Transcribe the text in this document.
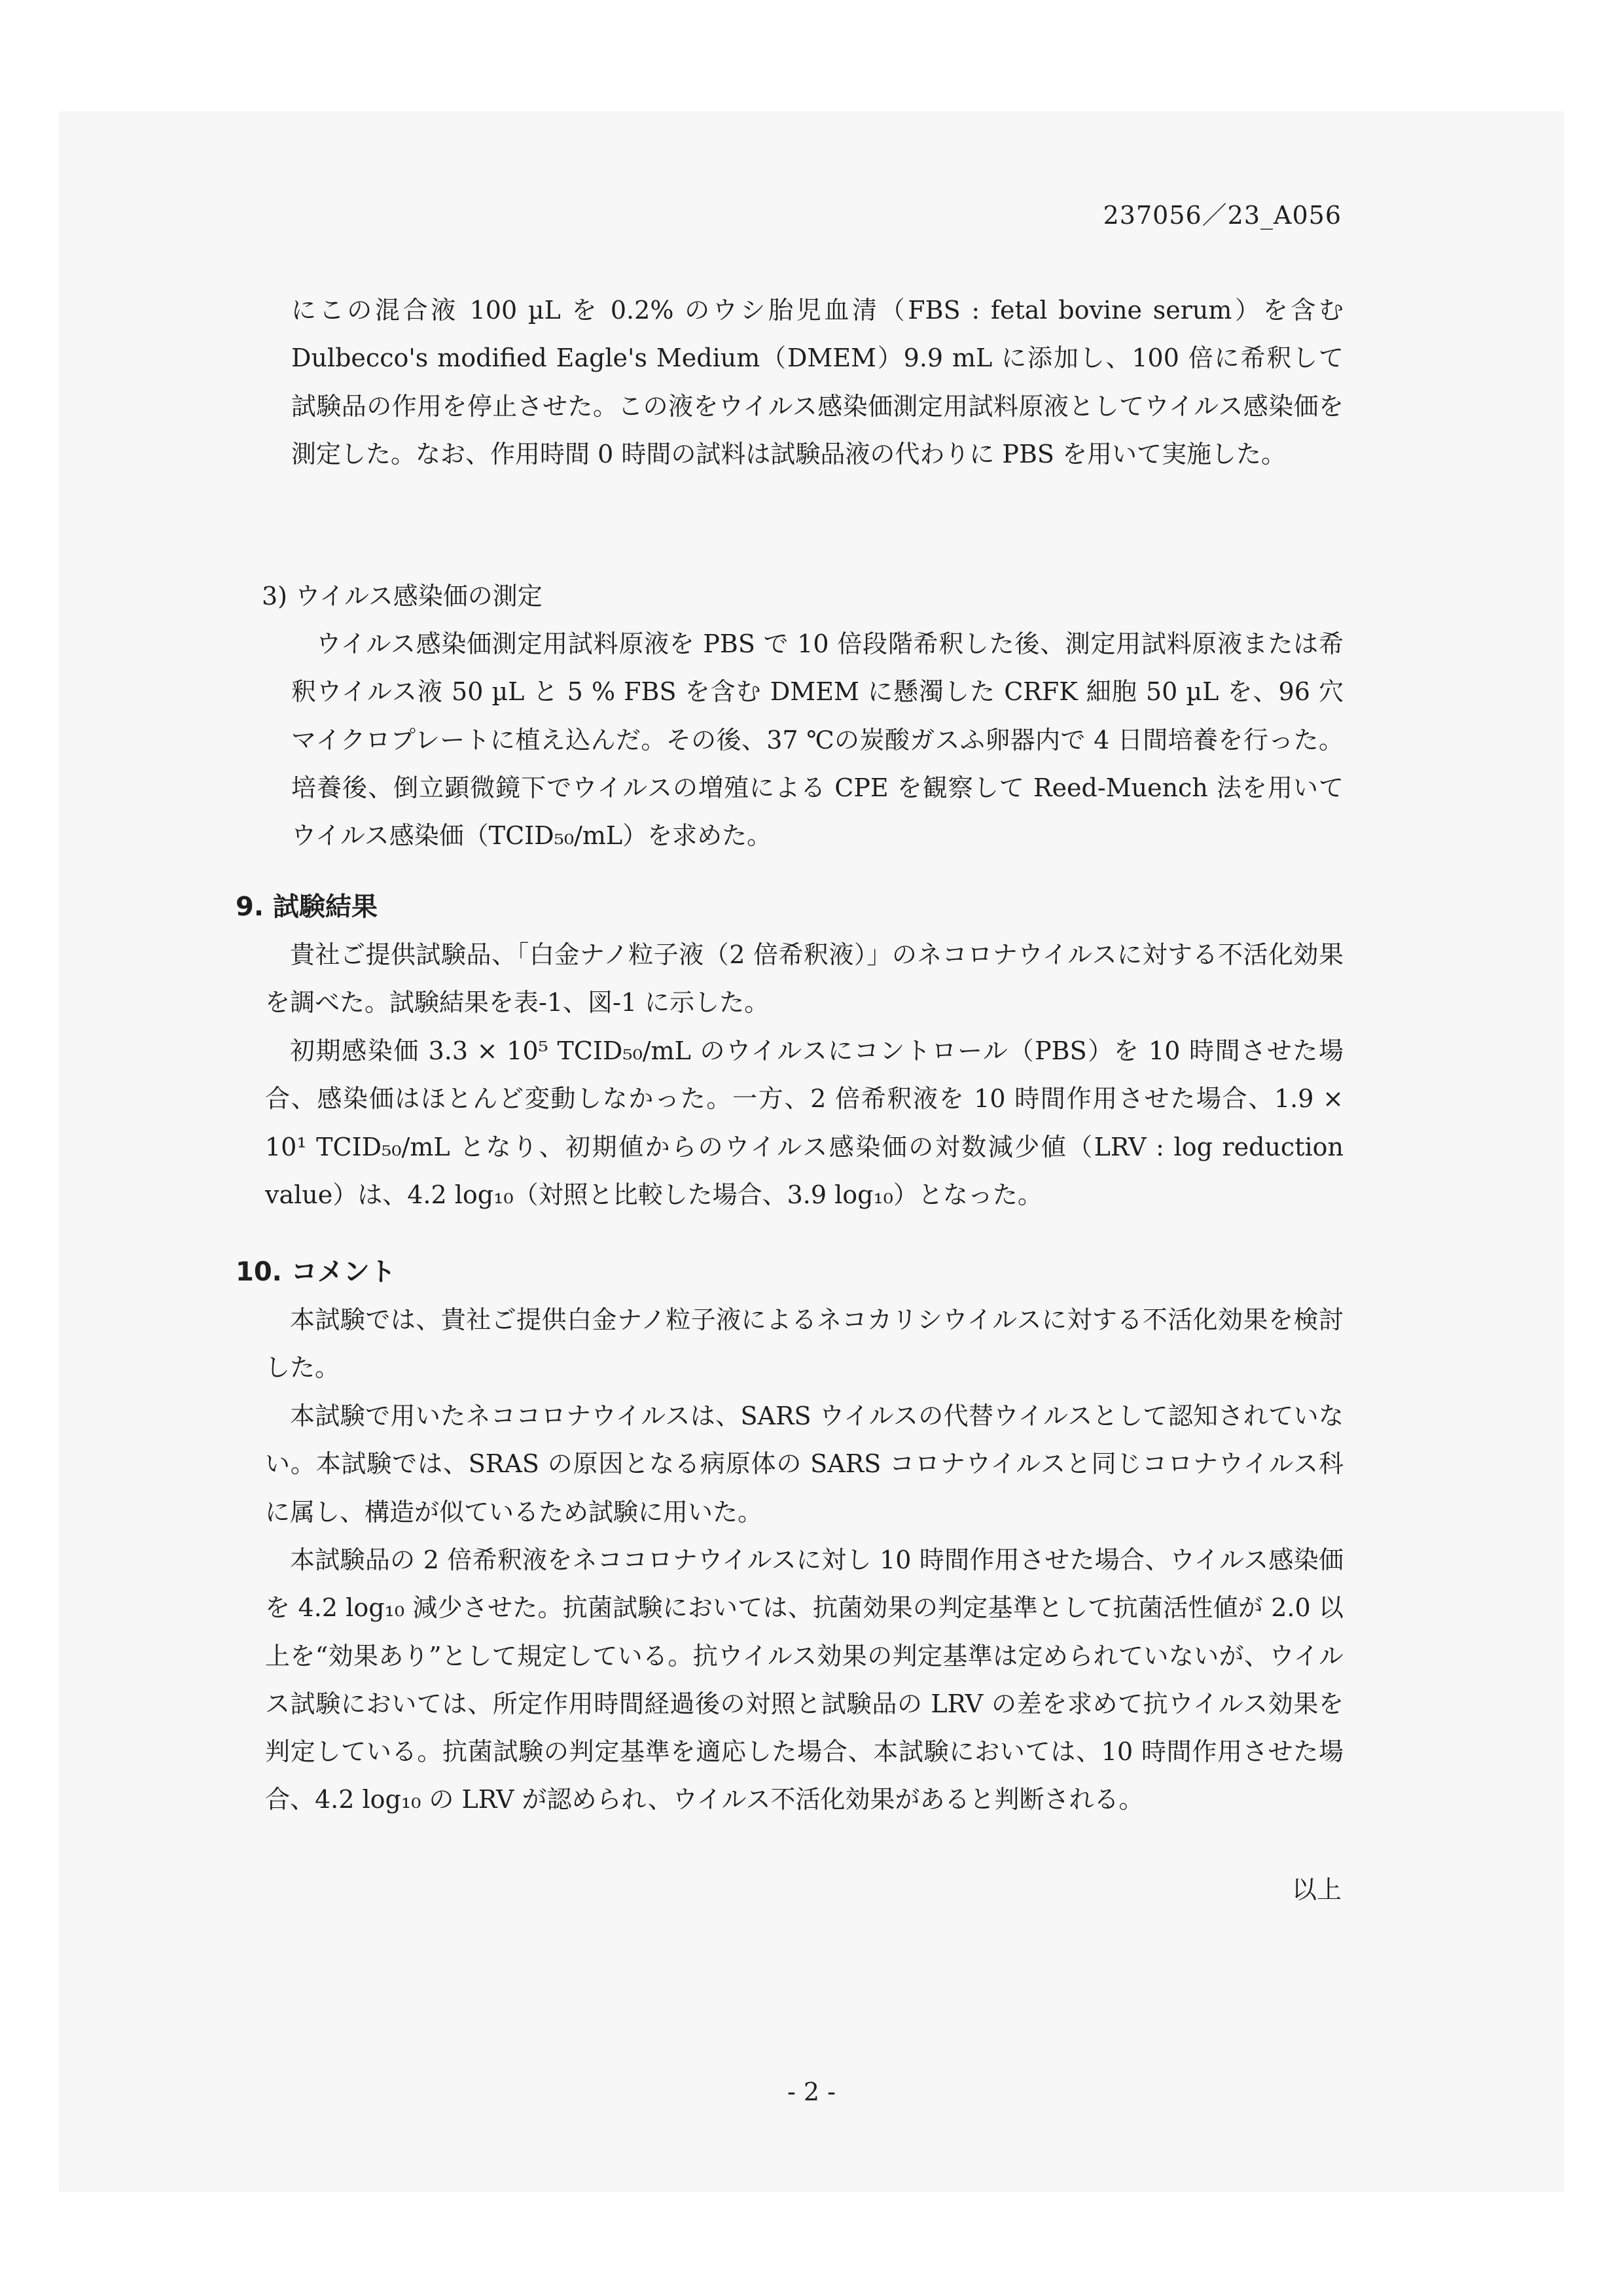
237056／23_A056

にこの混合液 100 µL を 0.2% のウシ胎児血清（FBS : fetal bovine serum）を含む Dulbecco's modified Eagle's Medium（DMEM）9.9 mL に添加し、100 倍に希釈して試験品の作用を停止させた。この液をウイルス感染価測定用試料原液としてウイルス感染価を測定した。なお、作用時間 0 時間の試料は試験品液の代わりに PBS を用いて実施した。

3) ウイルス感染価の測定

ウイルス感染価測定用試料原液を PBS で 10 倍段階希釈した後、測定用試料原液または希釈ウイルス液 50 µL と 5 % FBS を含む DMEM に懸濁した CRFK 細胞 50 µL を、96 穴マイクロプレートに植え込んだ。その後、37 ℃の炭酸ガスふ卵器内で 4 日間培養を行った。培養後、倒立顕微鏡下でウイルスの増殖による CPE を観察して Reed-Muench 法を用いてウイルス感染価（TCID₅₀/mL）を求めた。

9. 試験結果

貴社ご提供試験品、「白金ナノ粒子液（2 倍希釈液）」のネコロナウイルスに対する不活化効果を調べた。試験結果を表-1、図-1 に示した。

初期感染価 3.3 × 10⁵ TCID₅₀/mL のウイルスにコントロール（PBS）を 10 時間させた場合、感染価はほとんど変動しなかった。一方、2 倍希釈液を 10 時間作用させた場合、1.9 × 10¹ TCID₅₀/mL となり、初期値からのウイルス感染価の対数減少値（LRV : log reduction value）は、4.2 log₁₀（対照と比較した場合、3.9 log₁₀）となった。

10. コメント

本試験では、貴社ご提供白金ナノ粒子液によるネコカリシウイルスに対する不活化効果を検討した。

本試験で用いたネココロナウイルスは、SARS ウイルスの代替ウイルスとして認知されていない。本試験では、SRAS の原因となる病原体の SARS コロナウイルスと同じコロナウイルス科に属し、構造が似ているため試験に用いた。

本試験品の 2 倍希釈液をネココロナウイルスに対し 10 時間作用させた場合、ウイルス感染価を 4.2 log₁₀ 減少させた。抗菌試験においては、抗菌効果の判定基準として抗菌活性値が 2.0 以上を“効果あり”として規定している。抗ウイルス効果の判定基準は定められていないが、ウイルス試験においては、所定作用時間経過後の対照と試験品の LRV の差を求めて抗ウイルス効果を判定している。抗菌試験の判定基準を適応した場合、本試験においては、10 時間作用させた場合、4.2 log₁₀ の LRV が認められ、ウイルス不活化効果があると判断される。

以上
- 2 -
